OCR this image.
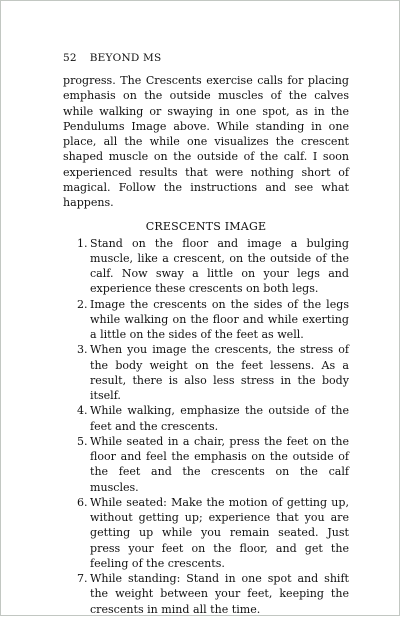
52 BEYOND MS

progress. The Crescents exercise calls for placing emphasis on the outside muscles of the calves while walking or swaying in one spot, as in the Pendulums Image above. While standing in one place, all the while one visualizes the crescent shaped muscle on the outside of the calf. I soon experienced results that were nothing short of magical. Follow the instructions and see what happens.

CRESCENTS IMAGE
1. Stand on the floor and image a bulging muscle, like a crescent, on the outside of the calf. Now sway a little on your legs and experience these crescents on both legs.
2. Image the crescents on the sides of the legs while walking on the floor and while exerting a little on the sides of the feet as well.
3. When you image the crescents, the stress of the body weight on the feet lessens. As a result, there is also less stress in the body itself.
4. While walking, emphasize the outside of the feet and the crescents.
5. While seated in a chair, press the feet on the floor and feel the emphasis on the outside of the feet and the crescents on the calf muscles.
6. While seated: Make the motion of getting up, without getting up; experience that you are getting up while you remain seated. Just press your feet on the floor, and get the feeling of the crescents.
7. While standing: Stand in one spot and shift the weight between your feet, keeping the crescents in mind all the time.
